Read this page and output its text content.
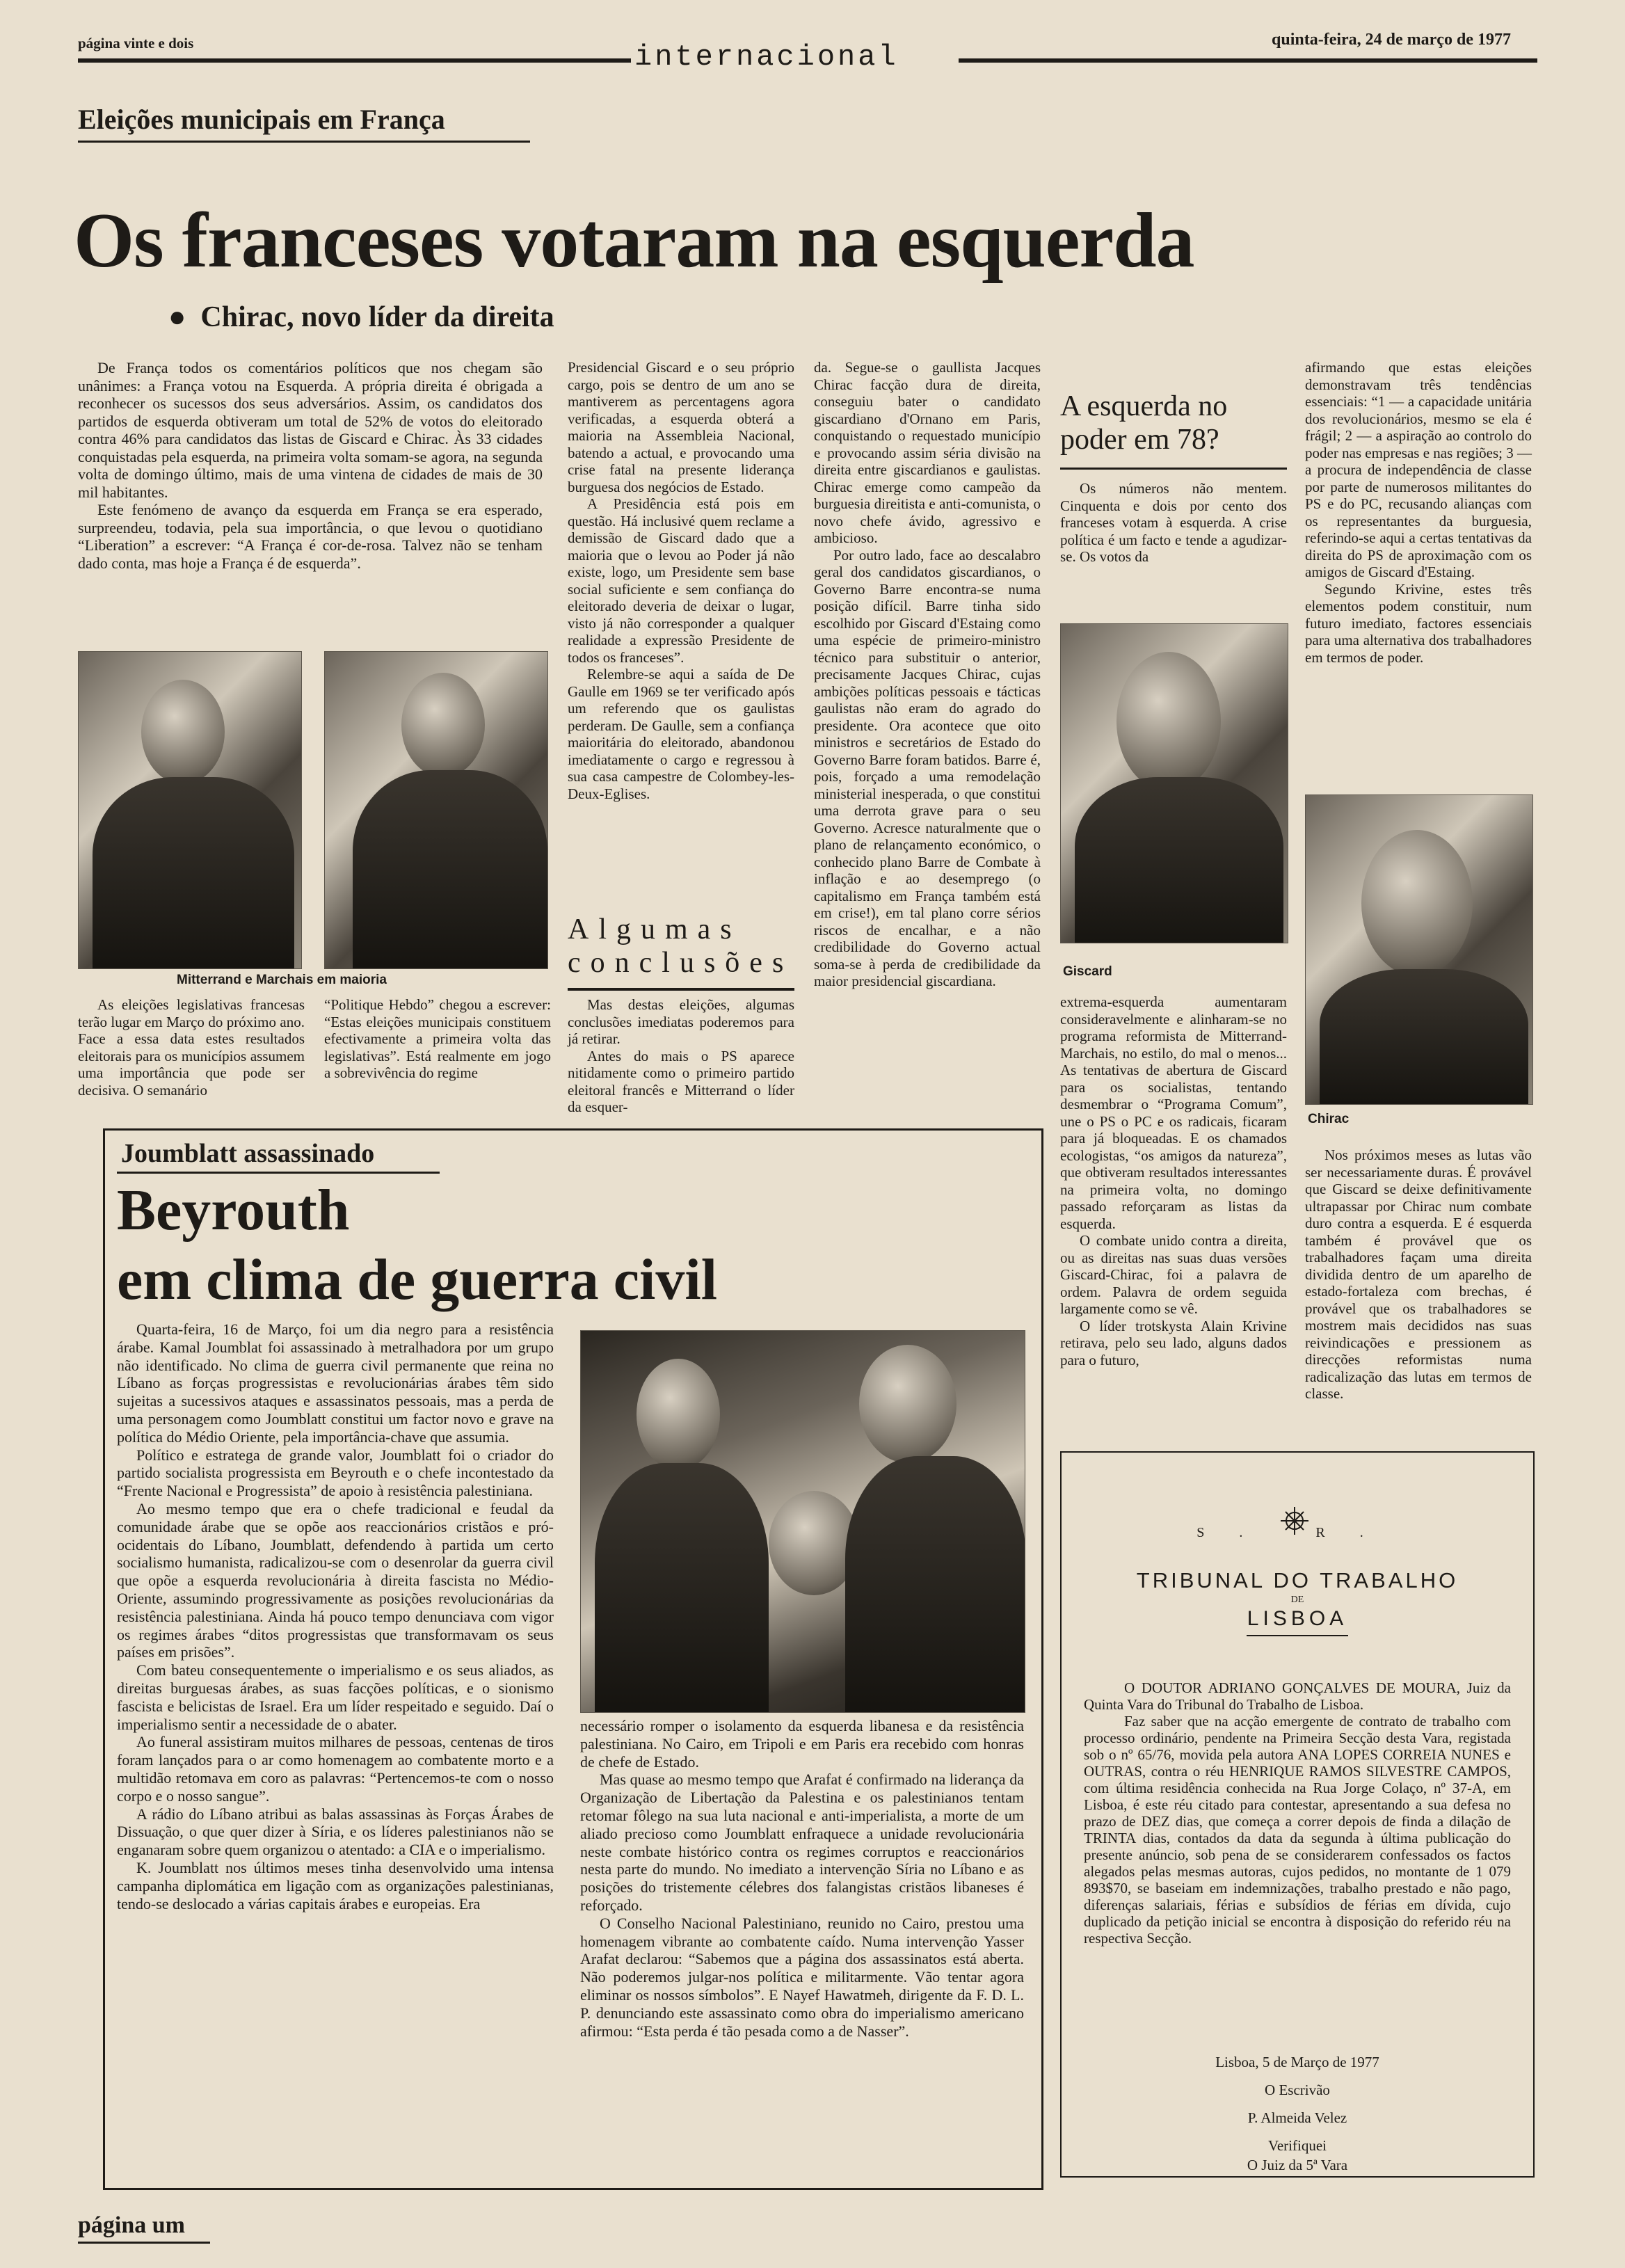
página vinte e dois	internacional
quinta-feira, 24 de março de 1977
Eleições municipais em França
Os franceses votaram na esquerda
●  Chirac, novo líder da direita

De França todos os comentários políticos que nos chegam são unânimes: a França votou na Esquerda. A própria direita é obrigada a reconhecer os sucessos dos seus adversários. Assim, os candidatos dos partidos de esquerda obtiveram um total de 52% de votos do eleitorado contra 46% para candidatos das listas de Giscard e Chirac. Às 33 cidades conquistadas pela esquerda, na primeira volta somam-se agora, na segunda volta de domingo último, mais de uma vintena de cidades de mais de 30 mil habitantes.

Este fenómeno de avanço da esquerda em França se era esperado, surpreendeu, todavia, pela sua importância, o que levou o quotidiano “Liberation” a escrever: “A França é cor-de-rosa. Talvez não se tenham dado conta, mas hoje a França é de esquerda”.

Mitterrand e Marchais em maioria

As eleições legislativas francesas terão lugar em Março do próximo ano. Face a essa data estes resultados eleitorais para os municípios assumem uma importância que pode ser decisiva. O semanário

“Politique Hebdo” chegou a escrever: “Estas eleições municipais constituem efectivamente a primeira volta das legislativas”. Está realmente em jogo a sobrevivência do regime

Presidencial Giscard e o seu próprio cargo, pois se dentro de um ano se mantiverem as percentagens agora verificadas, a esquerda obterá a maioria na Assembleia Nacional, batendo a actual, e provocando uma crise fatal na presente liderança burguesa dos negócios de Estado.

A Presidência está pois em questão. Há inclusivé quem reclame a demissão de Giscard dado que a maioria que o levou ao Poder já não existe, logo, um Presidente sem base social suficiente e sem confiança do eleitorado deveria de deixar o lugar, visto já não corresponder a qualquer realidade a expressão Presidente de todos os franceses”.

Relembre-se aqui a saída de De Gaulle em 1969 se ter verificado após um referendo que os gaulistas perderam. De Gaulle, sem a confiança maioritária do eleitorado, abandonou imediatamente o cargo e regressou à sua casa campestre de Colombey-les-Deux-Eglises.

Algumas conclusões

Mas destas eleições, algumas conclusões imediatas poderemos para já retirar.

Antes do mais o PS aparece nitidamente como o primeiro partido eleitoral francês e Mitterrand o líder da esquer-

da. Segue-se o gaullista Jacques Chirac facção dura de direita, conseguiu bater o candidato giscardiano d'Ornano em Paris, conquistando o requestado município e provocando assim séria divisão na direita entre giscardianos e gaulistas. Chirac emerge como campeão da burguesia direitista e anti-comunista, o novo chefe ávido, agressivo e ambicioso.

Por outro lado, face ao descalabro geral dos candidatos giscardianos, o Governo Barre encontra-se numa posição difícil. Barre tinha sido escolhido por Giscard d'Estaing como uma espécie de primeiro-ministro técnico para substituir o anterior, precisamente Jacques Chirac, cujas ambições políticas pessoais e tácticas gaulistas não eram do agrado do presidente. Ora acontece que oito ministros e secretários de Estado do Governo Barre foram batidos. Barre é, pois, forçado a uma remodelação ministerial inesperada, o que constitui uma derrota grave para o seu Governo. Acresce naturalmente que o plano de relançamento económico, o conhecido plano Barre de Combate à inflação e ao desemprego (o capitalismo em França também está em crise!), em tal plano corre sérios riscos de encalhar, e a não credibilidade do Governo actual soma-se à perda de credibilidade da maior presidencial giscardiana.

A esquerda no poder em 78?

Os números não mentem. Cinquenta e dois por cento dos franceses votam à esquerda. A crise política é um facto e tende a agudizar-se. Os votos da

Giscard

extrema-esquerda aumentaram consideravelmente e alinharam-se no programa reformista de Mitterrand-Marchais, no estilo, do mal o menos... As tentativas de abertura de Giscard para os socialistas, tentando desmembrar o “Programa Comum”, une o PS o PC e os radicais, ficaram para já bloqueadas. E os chamados ecologistas, “os amigos da natureza”, que obtiveram resultados interessantes na primeira volta, no domingo passado reforçaram as listas da esquerda.

O combate unido contra a direita, ou as direitas nas suas duas versões Giscard-Chirac, foi a palavra de ordem. Palavra de ordem seguida largamente como se vê.

O líder trotskysta Alain Krivine retirava, pelo seu lado, alguns dados para o futuro,

afirmando que estas eleições demonstravam três tendências essenciais: “1 — a capacidade unitária dos revolucionários, mesmo se ela é frágil; 2 — a aspiração ao controlo do poder nas empresas e nas regiões; 3 — a procura de independência de classe por parte de numerosos militantes do PS e do PC, recusando alianças com os representantes da burguesia, referindo-se aqui a certas tentativas da direita do PS de aproximação com os amigos de Giscard d'Estaing.

Segundo Krivine, estes três elementos podem constituir, num futuro imediato, factores essenciais para uma alternativa dos trabalhadores em termos de poder.

Chirac

Nos próximos meses as lutas vão ser necessariamente duras. É provável que Giscard se deixe definitivamente ultrapassar por Chirac num combate duro contra a esquerda. E é esquerda também é provável que os trabalhadores façam uma direita dividida dentro de um aparelho de estado-fortaleza com brechas, é provável que os trabalhadores se mostrem mais decididos nas suas reivindicações e pressionem as direcções reformistas numa radicalização das lutas em termos de classe.

Joumblatt assassinado
Beyrouth
em clima de guerra civil

Quarta-feira, 16 de Março, foi um dia negro para a resistência árabe. Kamal Joumblat foi assassinado à metralhadora por um grupo não identificado. No clima de guerra civil permanente que reina no Líbano as forças progressistas e revolucionárias árabes têm sido sujeitas a sucessivos ataques e assassinatos pessoais, mas a perda de uma personagem como Joumblatt constitui um factor novo e grave na política do Médio Oriente, pela importância-chave que assumia.

Político e estratega de grande valor, Joumblatt foi o criador do partido socialista progressista em Beyrouth e o chefe incontestado da “Frente Nacional e Progressista” de apoio à resistência palestiniana.

Ao mesmo tempo que era o chefe tradicional e feudal da comunidade árabe que se opõe aos reaccionários cristãos e pró-ocidentais do Líbano, Joumblatt, defendendo à partida um certo socialismo humanista, radicalizou-se com o desenrolar da guerra civil que opõe a esquerda revolucionária à direita fascista no Médio-Oriente, assumindo progressivamente as posições revolucionárias da resistência palestiniana. Ainda há pouco tempo denunciava com vigor os regimes árabes “ditos progressistas que transformavam os seus países em prisões”.

Com bateu consequentemente o imperialismo e os seus aliados, as direitas burguesas árabes, as suas facções políticas, e o sionismo fascista e belicistas de Israel. Era um líder respeitado e seguido. Daí o imperialismo sentir a necessidade de o abater.

Ao funeral assistiram muitos milhares de pessoas, centenas de tiros foram lançados para o ar como homenagem ao combatente morto e a multidão retomava em coro as palavras: “Pertencemos-te com o nosso corpo e o nosso sangue”.

A rádio do Líbano atribui as balas assassinas às Forças Árabes de Dissuação, o que quer dizer à Síria, e os líderes palestinianos não se enganaram sobre quem organizou o atentado: a CIA e o imperialismo.

K. Joumblatt nos últimos meses tinha desenvolvido uma intensa campanha diplomática em ligação com as organizações palestinianas, tendo-se deslocado a várias capitais árabes e europeias. Era

necessário romper o isolamento da esquerda libanesa e da resistência palestiniana. No Cairo, em Tripoli e em Paris era recebido com honras de chefe de Estado.

Mas quase ao mesmo tempo que Arafat é confirmado na liderança da Organização de Libertação da Palestina e os palestinianos tentam retomar fôlego na sua luta nacional e anti-imperialista, a morte de um aliado precioso como Joumblatt enfraquece a unidade revolucionária neste combate histórico contra os regimes corruptos e reaccionários nesta parte do mundo. No imediato a intervenção Síria no Líbano e as posições do tristemente célebres dos falangistas cristãos libaneses é reforçado.

O Conselho Nacional Palestiniano, reunido no Cairo, prestou uma homenagem vibrante ao combatente caído. Numa intervenção Yasser Arafat declarou: “Sabemos que a página dos assassinatos está aberta. Não poderemos julgar-nos política e militarmente. Vão tentar agora eliminar os nossos símbolos”. E Nayef Hawatmeh, dirigente da F. D. L. P. denunciando este assassinato como obra do imperialismo americano afirmou: “Esta perda é tão pesada como a de Nasser”.

S. R.
TRIBUNAL DO TRABALHO
DE
LISBOA

O DOUTOR ADRIANO GONÇALVES DE MOURA, Juiz da Quinta Vara do Tribunal do Trabalho de Lisboa.

Faz saber que na acção emergente de contrato de trabalho com processo ordinário, pendente na Primeira Secção desta Vara, registada sob o nº 65/76, movida pela autora ANA LOPES CORREIA NUNES e OUTRAS, contra o réu HENRIQUE RAMOS SILVESTRE CAMPOS, com última residência conhecida na Rua Jorge Colaço, nº 37-A, em Lisboa, é este réu citado para contestar, apresentando a sua defesa no prazo de DEZ dias, que começa a correr depois de finda a dilação de TRINTA dias, contados da data da segunda à última publicação do presente anúncio, sob pena de se considerarem confessados os factos alegados pelas mesmas autoras, cujos pedidos, no montante de 1 079 893$70, se baseiam em indemnizações, trabalho prestado e não pago, diferenças salariais, férias e subsídios de férias em dívida, cujo duplicado da petição inicial se encontra à disposição do referido réu na respectiva Secção.

Lisboa, 5 de Março de 1977
O Escrivão
P. Almeida Velez
Verifiquei
O Juiz da 5ª Vara
página um
